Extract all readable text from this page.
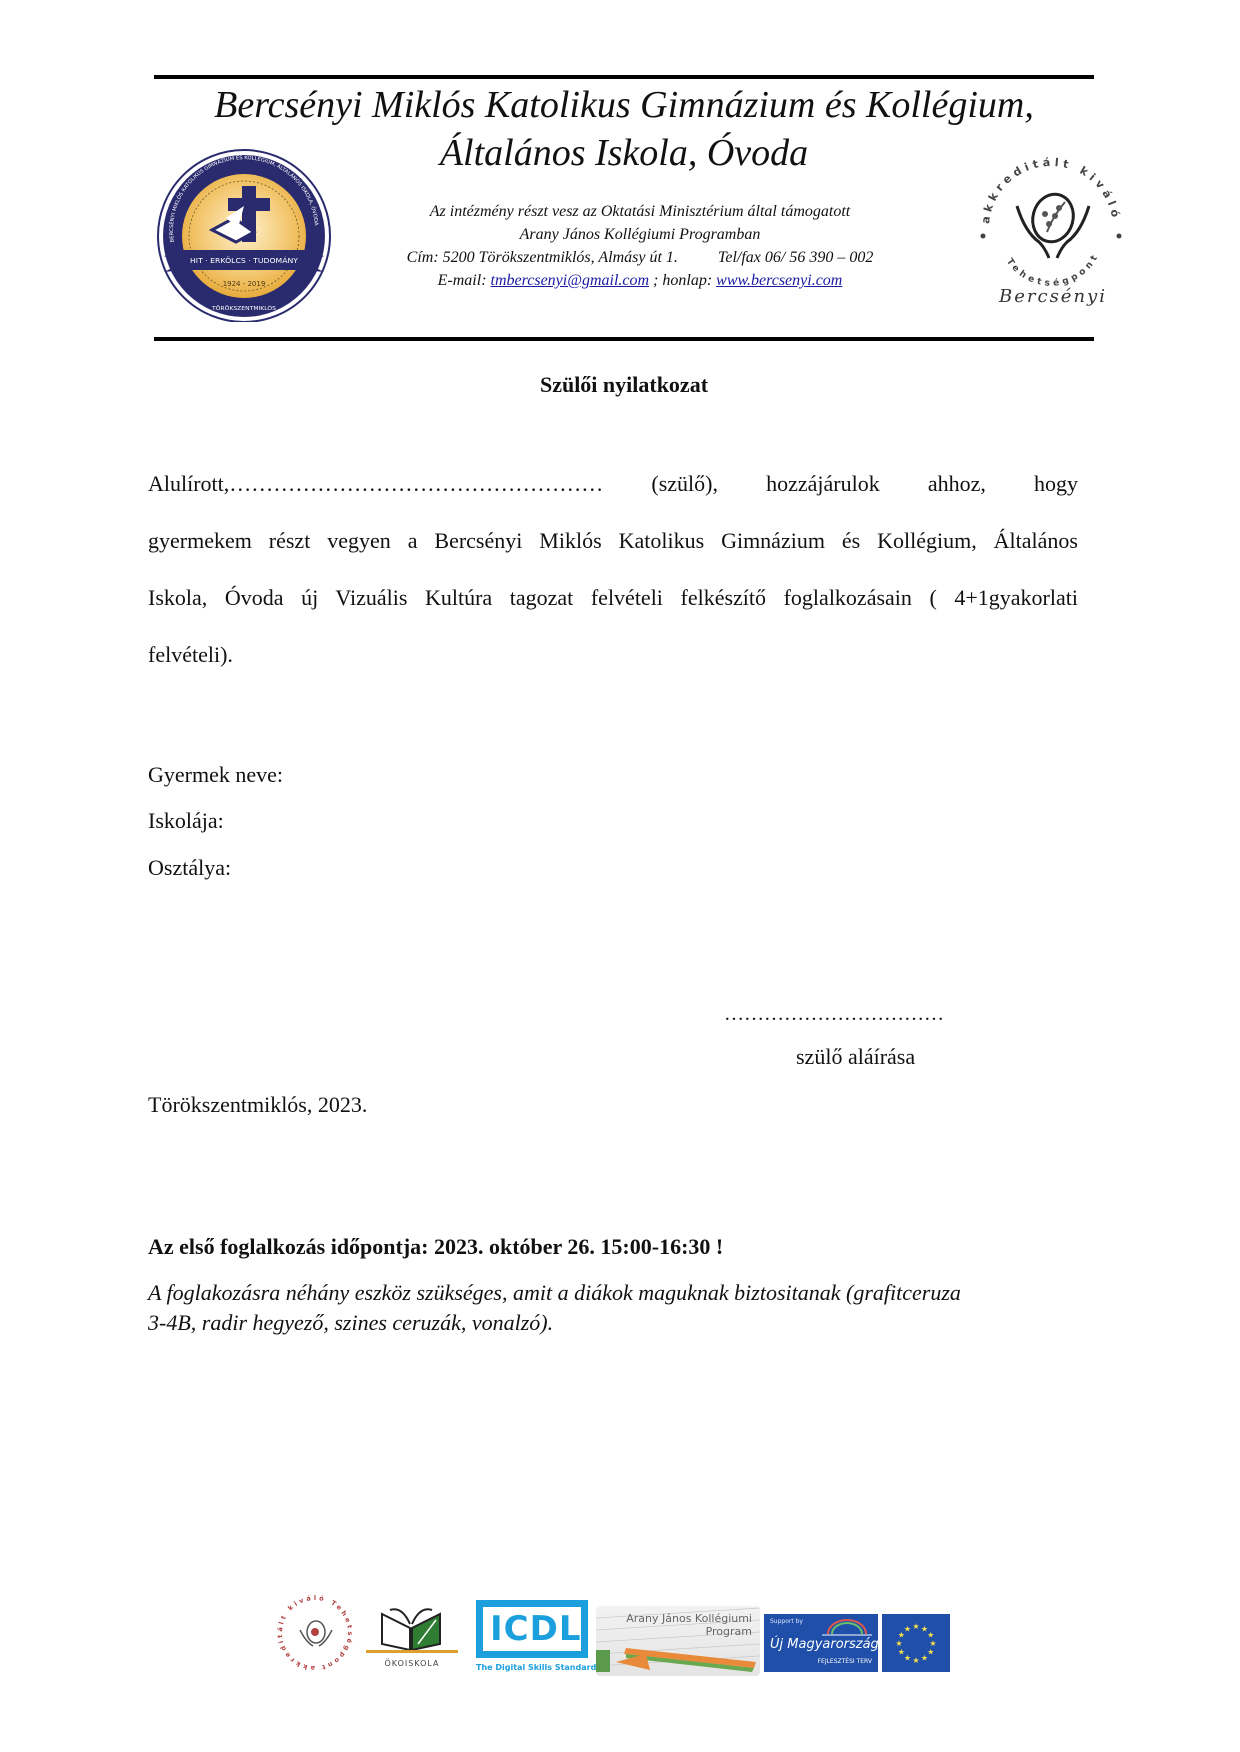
Bercsényi Miklós Katolikus Gimnázium és Kollégium,
Általános Iskola, Óvoda
BERCSÉNYI MIKLÓS KATOLIKUS GIMNÁZIUM ÉS KOLLÉGIUM, ÁLTALÁNOS ISKOLA, ÓVODA
HIT · ERKÖLCS · TUDOMÁNY
1924 - 2019
TÖRÖKSZENTMIKLÓS
Az intézmény részt vesz az Oktatási Minisztérium által támogatott
Arany János Kollégiumi Programban
Cím: 5200 Törökszentmiklós, Almásy út 1.	Tel/fax 06/ 56 390 – 002
E-mail: tmbercsenyi@gmail.com ; honlap: www.bercsenyi.com
akkreditált kiváló
Tehetségpont
Bercsényi
Szülői nyilatkozat
Alulírott,…………………………………………… (szülő), hozzájárulok ahhoz, hogy
gyermekem részt vegyen a Bercsényi Miklós Katolikus Gimnázium és Kollégium, Általános
Iskola, Óvoda új Vizuális Kultúra tagozat felvételi felkészítő foglalkozásain ( 4+1gyakorlati
felvételi).
Gyermek neve:
Iskolája:
Osztálya:
……………………………
szülő aláírása
Törökszentmiklós, 2023.
Az első foglalkozás időpontja: 2023. október 26. 15:00-16:30 !
A foglakozásra néhány eszköz szükséges, amit a diákok maguknak biztositanak (grafitceruza
3-4B, radir hegyező, szines ceruzák, vonalzó).
akkreditált kiváló Tehetségpont	ÖKOISKOLA
ICDL
The Digital Skills Standard
Arany János Kollégiumi Program
Support by
Új Magyarország
FEJLESZTÉSI TERV
★ ★
★
★
★
★
★
★
★
★
★
★
